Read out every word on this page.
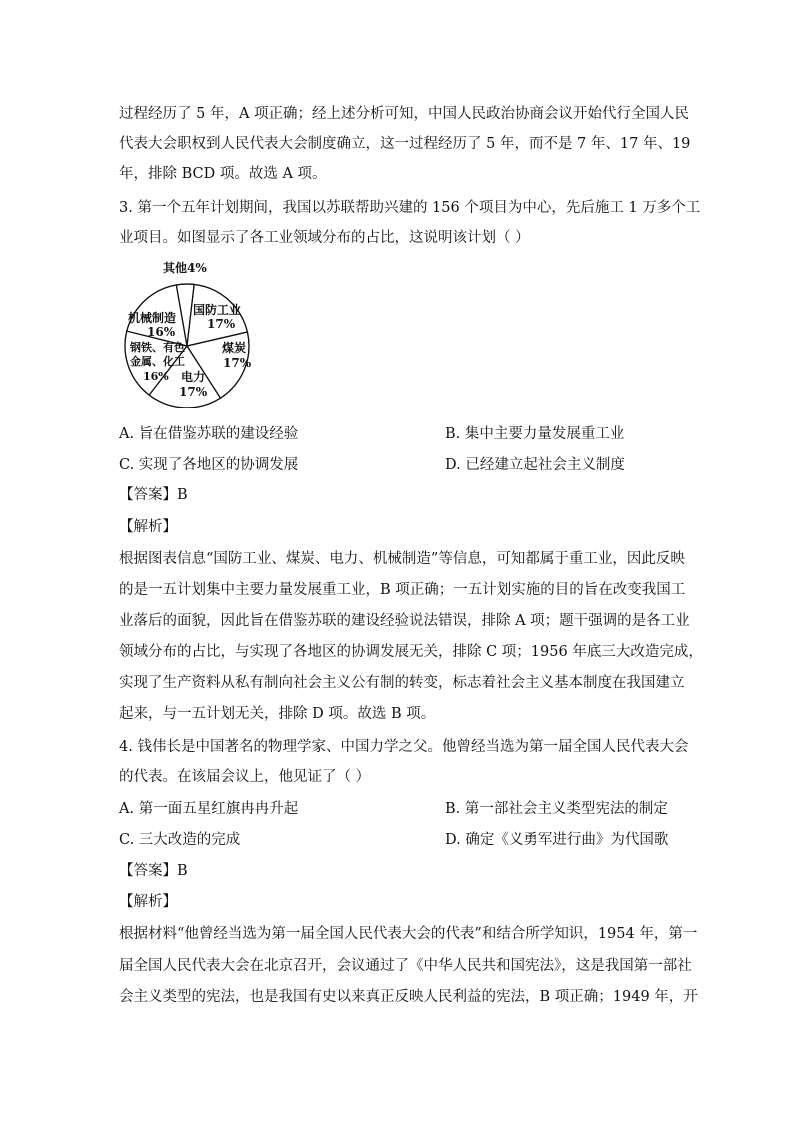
过程经历了 5 年，A 项正确；经上述分析可知，中国人民政治协商会议开始代行全国人民
代表大会职权到人民代表大会制度确立，这一过程经历了 5 年，而不是 7 年、17 年、19
年，排除 BCD 项。故选 A 项。
3. 第一个五年计划期间，我国以苏联帮助兴建的 156 个项目为中心，先后施工 1 万多个工
业项目。如图显示了各工业领域分布的占比，这说明该计划（ ）
其他4%
国防工业
17%
煤炭
17%
电力
17%
钢铁、有色
金属、化工
16%
机械制造
16%
A. 旨在借鉴苏联的建设经验	B. 集中主要力量发展重工业
C. 实现了各地区的协调发展	D. 已经建立起社会主义制度
【答案】B
【解析】
根据图表信息“国防工业、煤炭、电力、机械制造”等信息，可知都属于重工业，因此反映
的是一五计划集中主要力量发展重工业，B 项正确；一五计划实施的目的旨在改变我国工
业落后的面貌，因此旨在借鉴苏联的建设经验说法错误，排除 A 项；题干强调的是各工业
领域分布的占比，与实现了各地区的协调发展无关，排除 C 项；1956 年底三大改造完成，
实现了生产资料从私有制向社会主义公有制的转变，标志着社会主义基本制度在我国建立
起来，与一五计划无关，排除 D 项。故选 B 项。
4. 钱伟长是中国著名的物理学家、中国力学之父。他曾经当选为第一届全国人民代表大会
的代表。在该届会议上，他见证了（ ）
A. 第一面五星红旗冉冉升起	B. 第一部社会主义类型宪法的制定
C. 三大改造的完成	D. 确定《义勇军进行曲》为代国歌
【答案】B
【解析】
根据材料“他曾经当选为第一届全国人民代表大会的代表”和结合所学知识，1954 年，第一
届全国人民代表大会在北京召开，会议通过了《中华人民共和国宪法》，这是我国第一部社
会主义类型的宪法，也是我国有史以来真正反映人民利益的宪法，B 项正确；1949 年，开
